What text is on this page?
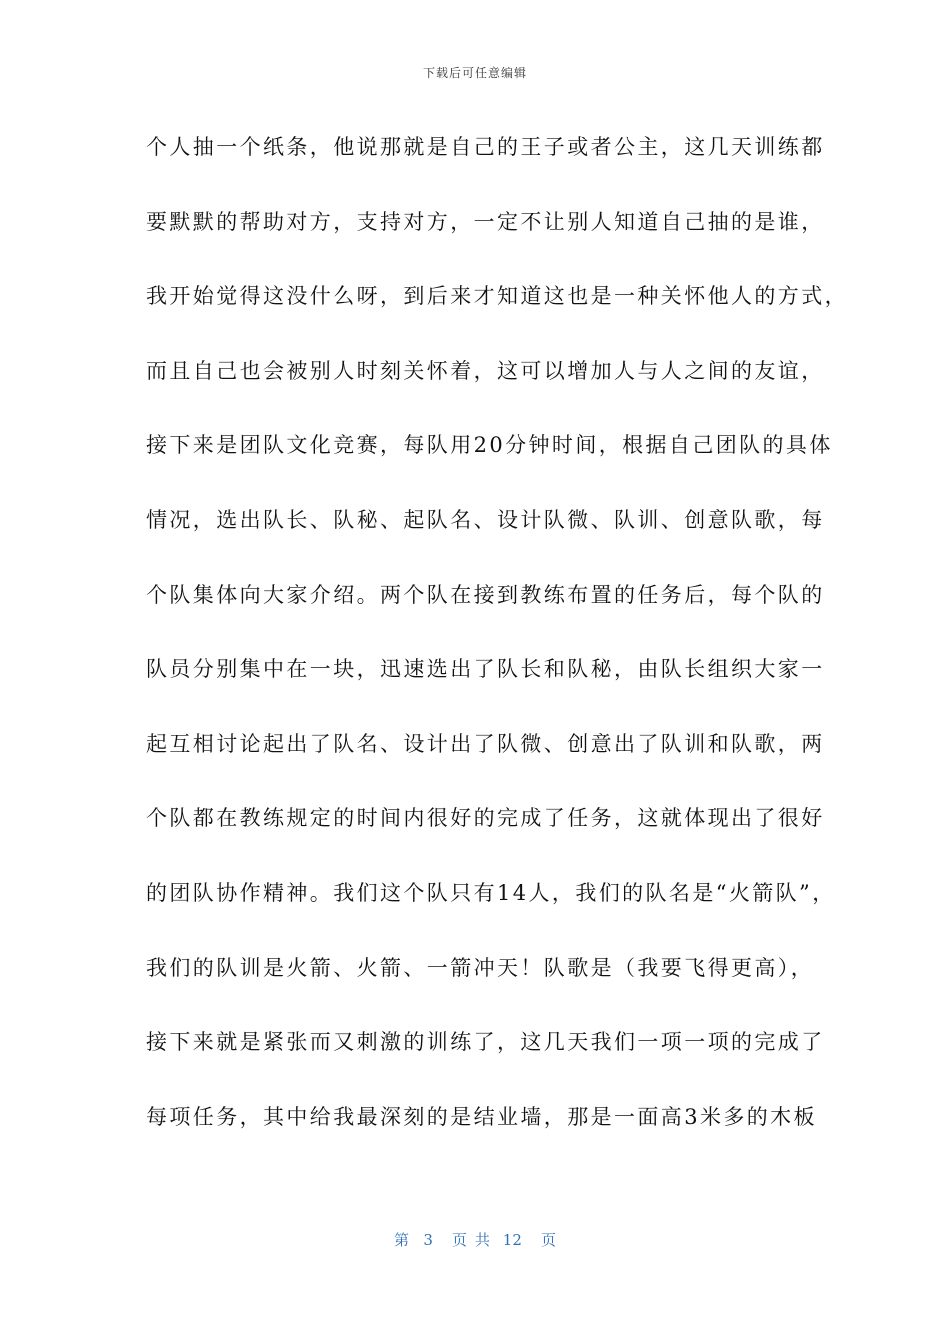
下载后可任意编辑
个人抽一个纸条，他说那就是自己的王子或者公主，这几天训练都
要默默的帮助对方，支持对方，一定不让别人知道自己抽的是谁，
我开始觉得这没什么呀，到后来才知道这也是一种关怀他人的方式，
而且自己也会被别人时刻关怀着，这可以增加人与人之间的友谊，
接下来是团队文化竞赛，每队用20分钟时间，根据自己团队的具体
情况，选出队长、队秘、起队名、设计队微、队训、创意队歌，每
个队集体向大家介绍。两个队在接到教练布置的任务后，每个队的
队员分别集中在一块，迅速选出了队长和队秘，由队长组织大家一
起互相讨论起出了队名、设计出了队微、创意出了队训和队歌，两
个队都在教练规定的时间内很好的完成了任务，这就体现出了很好
的团队协作精神。我们这个队只有14人，我们的队名是“火箭队”，
我们的队训是火箭、火箭、一箭冲天！队歌是（我要飞得更高），
接下来就是紧张而又刺激的训练了，这几天我们一项一项的完成了
每项任务，其中给我最深刻的是结业墙，那是一面高3米多的木板
第 3 页共 12 页
